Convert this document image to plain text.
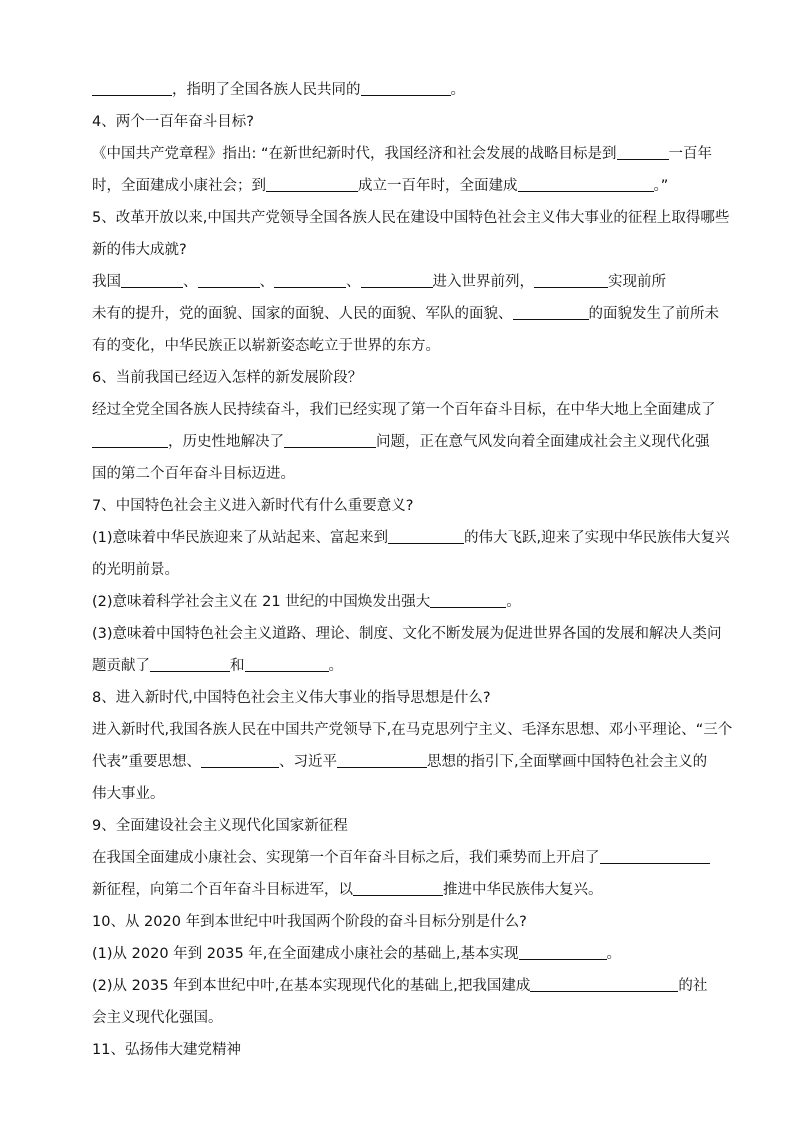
，指明了全国各族人民共同的	。
4、两个一百年奋斗目标?
《中国共产党章程》指出: “在新世纪新时代，我国经济和社会发展的战略目标是到	一百年
时，全面建成小康社会；到	成立一百年时，全面建成	。”
5、改革开放以来,中国共产党领导全国各族人民在建设中国特色社会主义伟大事业的征程上取得哪些
新的伟大成就?
我国	、	、	、	进入世界前列，	实现前所
未有的提升，党的面貌、国家的面貌、人民的面貌、军队的面貌、	的面貌发生了前所未
有的变化，中华民族正以崭新姿态屹立于世界的东方。
6、当前我国已经迈入怎样的新发展阶段？
经过全党全国各族人民持续奋斗，我们已经实现了第一个百年奋斗目标，在中华大地上全面建成了
，历史性地解决了	问题，正在意气风发向着全面建成社会主义现代化强
国的第二个百年奋斗目标迈进。
7、中国特色社会主义进入新时代有什么重要意义?
(1)意味着中华民族迎来了从站起来、富起来到	的伟大飞跃,迎来了实现中华民族伟大复兴
的光明前景。
(2)意味着科学社会主义在 21 世纪的中国焕发出强大	。
(3)意味着中国特色社会主义道路、理论、制度、文化不断发展为促进世界各国的发展和解决人类问
题贡献了	和	。
8、进入新时代,中国特色社会主义伟大事业的指导思想是什么?
进入新时代,我国各族人民在中国共产党领导下,在马克思列宁主义、毛泽东思想、邓小平理论、“三个
代表”重要思想、	、习近平	思想的指引下,全面擘画中国特色社会主义的
伟大事业。
9、全面建设社会主义现代化国家新征程
在我国全面建成小康社会、实现第一个百年奋斗目标之后，我们乘势而上开启了
新征程，向第二个百年奋斗目标进军，以	推进中华民族伟大复兴。
10、从 2020 年到本世纪中叶我国两个阶段的奋斗目标分别是什么?
(1)从 2020 年到 2035 年,在全面建成小康社会的基础上,基本实现	。
(2)从 2035 年到本世纪中叶,在基本实现现代化的基础上,把我国建成	的社
会主义现代化强国。
11、弘扬伟大建党精神
